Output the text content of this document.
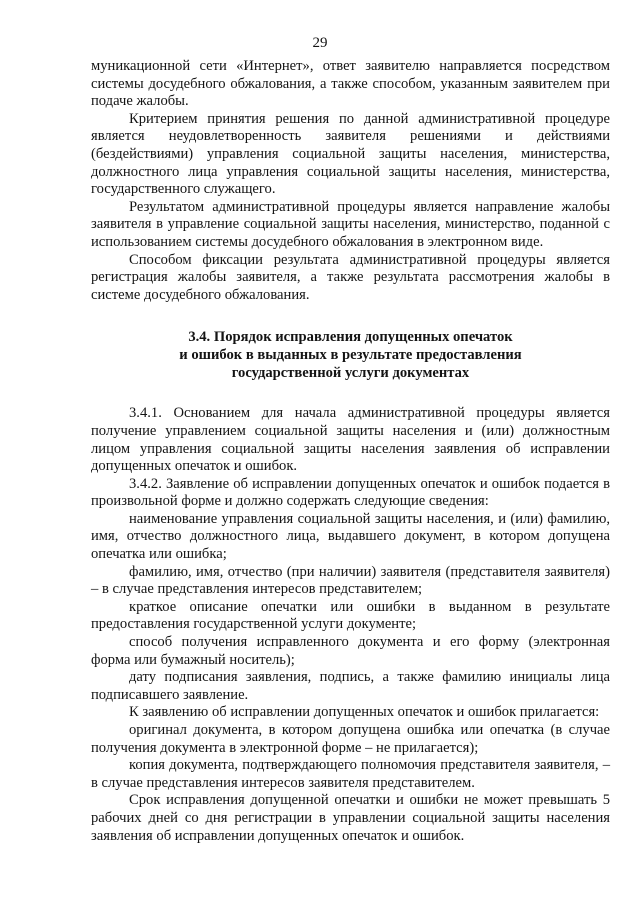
29

муникационной сети «Интернет», ответ заявителю направляется посредством системы досудебного обжалования, а также способом, указанным заявителем при подаче жалобы.

Критерием принятия решения по данной административной процедуре является неудовлетворенность заявителя решениями и действиями (бездействиями) управления социальной защиты населения, министерства, должностного лица управления социальной защиты населения, министерства, государственного служащего.

Результатом административной процедуры является направление жалобы заявителя в управление социальной защиты населения, министерство, поданной с использованием системы досудебного обжалования в электронном виде.

Способом фиксации результата административной процедуры является регистрация жалобы заявителя, а также результата рассмотрения жалобы в системе досудебного обжалования.

3.4. Порядок исправления допущенных опечаток
и ошибок в выданных в результате предоставления
государственной услуги документах

3.4.1. Основанием для начала административной процедуры является получение управлением социальной защиты населения и (или) должностным лицом управления социальной защиты населения заявления об исправлении допущенных опечаток и ошибок.

3.4.2. Заявление об исправлении допущенных опечаток и ошибок подается в произвольной форме и должно содержать следующие сведения:

наименование управления социальной защиты населения, и (или) фамилию, имя, отчество должностного лица, выдавшего документ, в котором допущена опечатка или ошибка;

фамилию, имя, отчество (при наличии) заявителя (представителя заявителя) – в случае представления интересов представителем;

краткое описание опечатки или ошибки в выданном в результате предоставления государственной услуги документе;

способ получения исправленного документа и его форму (электронная форма или бумажный носитель);

дату подписания заявления, подпись, а также фамилию инициалы лица подписавшего заявление.

К заявлению об исправлении допущенных опечаток и ошибок прилагается:

оригинал документа, в котором допущена ошибка или опечатка (в случае получения документа в электронной форме – не прилагается);

копия документа, подтверждающего полномочия представителя заявителя, – в случае представления интересов заявителя представителем.

Срок исправления допущенной опечатки и ошибки не может превышать 5 рабочих дней со дня регистрации в управлении социальной защиты населения заявления об исправлении допущенных опечаток и ошибок.
